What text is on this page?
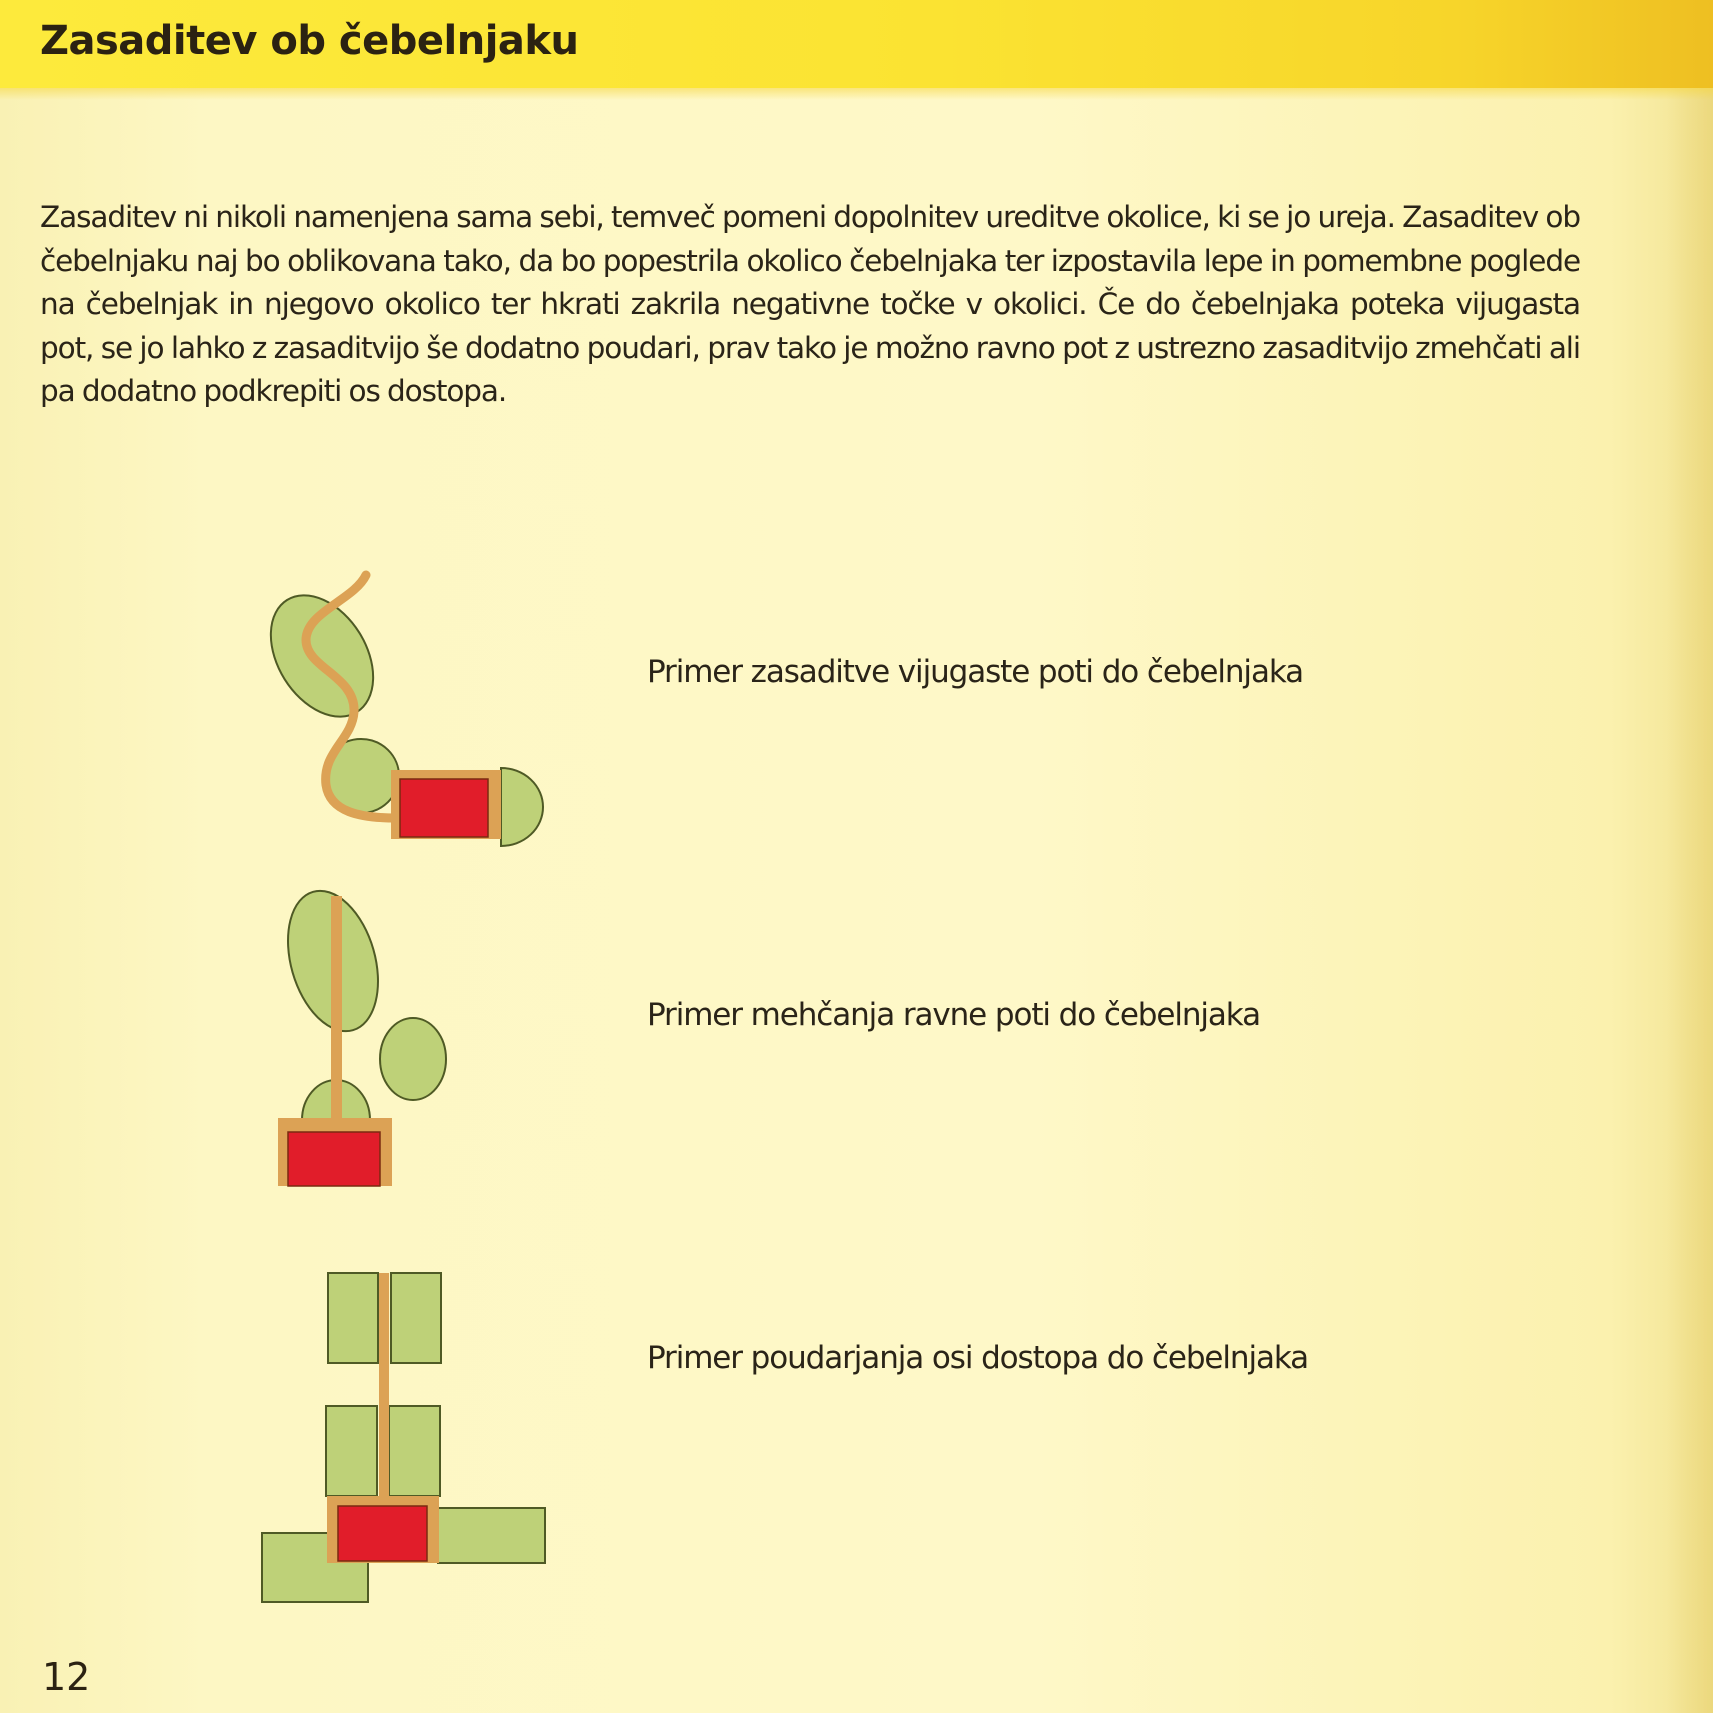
Zasaditev ob čebelnjaku

Zasaditev ni nikoli namenjena sama sebi, temveč pomeni dopolnitev ureditve okolice, ki se jo ureja. Zasaditev ob čebelnjaku naj bo oblikovana tako, da bo popestrila okolico čebelnjaka ter izpostavila lepe in pomembne poglede na čebelnjak in njegovo okolico ter hkrati zakrila negativne točke v okolici. Če do čebelnjaka poteka vijugasta pot, se jo lahko z zasaditvijo še dodatno poudari, prav tako je možno ravno pot z ustrezno zasaditvijo zmehčati ali pa dodatno podkrepiti os dostopa.

Primer zasaditve vijugaste poti do čebelnjaka

Primer mehčanja ravne poti do čebelnjaka

Primer poudarjanja osi dostopa do čebelnjaka

12
